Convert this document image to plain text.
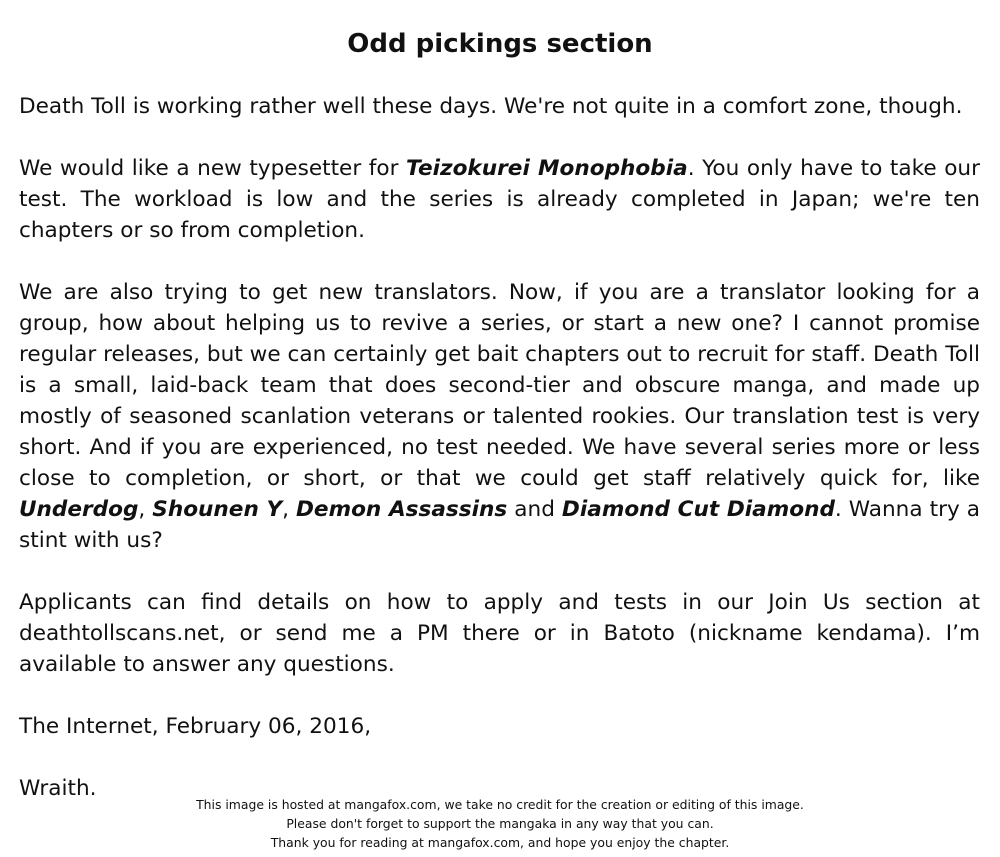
Odd pickings section

Death Toll is working rather well these days. We're not quite in a comfort zone, though.

We would like a new typesetter for Teizokurei Monophobia. You only have to take our test. The workload is low and the series is already completed in Japan; we're ten chapters or so from completion.

We are also trying to get new translators. Now, if you are a translator looking for a group, how about helping us to revive a series, or start a new one? I cannot promise regular releases, but we can certainly get bait chapters out to recruit for staff. Death Toll is a small, laid-back team that does second-tier and obscure manga, and made up mostly of seasoned scanlation veterans or talented rookies. Our translation test is very short. And if you are experienced, no test needed. We have several series more or less close to completion, or short, or that we could get staff relatively quick for, like Underdog, Shounen Y, Demon Assassins and Diamond Cut Diamond. Wanna try a stint with us?

Applicants can find details on how to apply and tests in our Join Us section at deathtollscans.net, or send me a PM there or in Batoto (nickname kendama). I’m available to answer any questions.

The Internet, February 06, 2016,

Wraith.

This image is hosted at mangafox.com, we take no credit for the creation or editing of this image.
Please don't forget to support the mangaka in any way that you can.
Thank you for reading at mangafox.com, and hope you enjoy the chapter.
